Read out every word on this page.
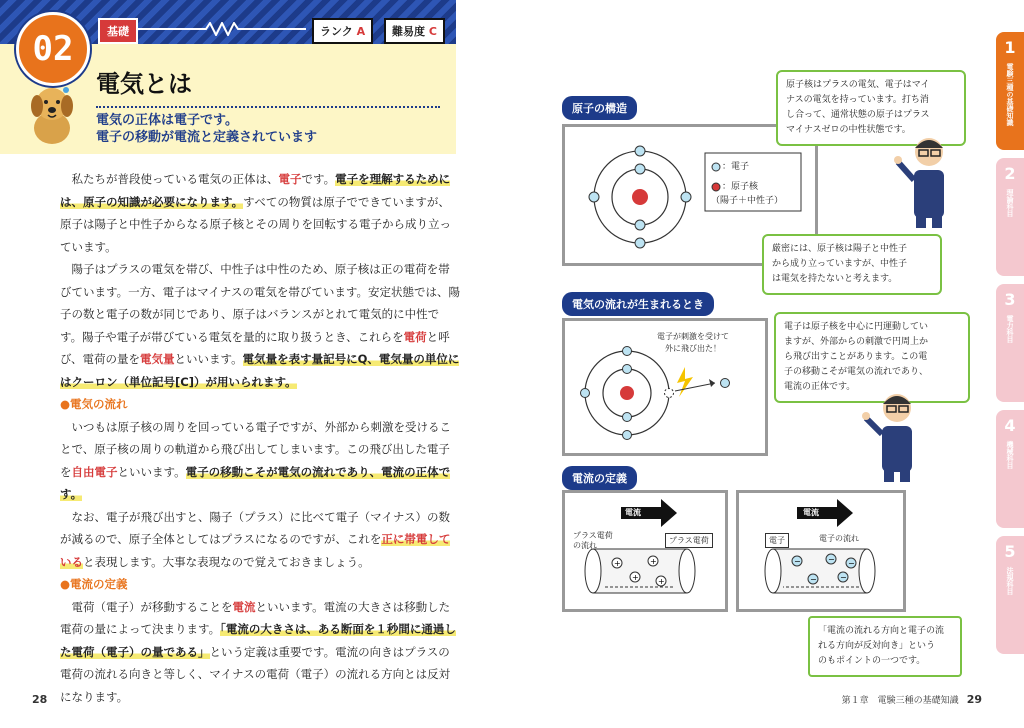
02	基礎	ランク A	難易度 C
電気とは
電気の正体は電子です。
電子の移動が電流と定義されています

私たちが普段使っている電気の正体は、電子です。電子を理解するためには、原子の知識が必要になります。すべての物質は原子でできていますが、原子は陽子と中性子からなる原子核とその周りを回転する電子から成り立っています。

陽子はプラスの電気を帯び、中性子は中性のため、原子核は正の電荷を帯びています。一方、電子はマイナスの電気を帯びています。安定状態では、陽子の数と電子の数が同じであり、原子はバランスがとれて電気的に中性です。陽子や電子が帯びている電気を量的に取り扱うとき、これらを電荷と呼び、電荷の量を電気量といいます。電気量を表す量記号にQ、電気量の単位にはクーロン（単位記号[C]）が用いられます。

●電気の流れ

いつもは原子核の周りを回っている電子ですが、外部から刺激を受けることで、原子核の周りの軌道から飛び出してしまいます。この飛び出した電子を自由電子といいます。電子の移動こそが電気の流れであり、電流の正体です。

なお、電子が飛び出すと、陽子（プラス）に比べて電子（マイナス）の数が減るので、原子全体としてはプラスになるのですが、これを正に帯電していると表現します。大事な表現なので覚えておきましょう。

●電流の定義

電荷（電子）が移動することを電流といいます。電流の大きさは移動した電荷の量によって決まります。「電流の大きさは、ある断面を１秒間に通過した電荷（電子）の量である」という定義は重要です。電流の向きはプラスの電荷の流れる向きと等しく、マイナスの電荷（電子）の流れる方向とは反対になります。

28
原子の構造
：電子
：原子核
（陽子＋中性子）
原子核はプラスの電気、電子はマイ
ナスの電気を持っています。打ち消
し合って、通常状態の原子はプラス
マイナスゼロの中性状態です。
厳密には、原子核は陽子と中性子
から成り立っていますが、中性子
は電気を持たないと考えます。
電気の流れが生まれるとき
電子が刺激を受けて
外に飛び出た！
電子は原子核を中心に円運動してい
ますが、外部からの刺激で円周上か
ら飛び出すことがあります。この電
子の移動こそが電気の流れであり、
電流の正体です。
電流の定義
+
+
+
+
電流
プラス電荷
の流れ
プラス電荷
−
−
−
−
−
電流
電子	電子の流れ
「電流の流れる方向と電子の流
れる方向が反対向き」という
のもポイントの一つです。
第１章　電験三種の基礎知識 29
1
電験三種の基礎知識
2
理論科目
3
電力科目
4
機械科目
5
法規科目
